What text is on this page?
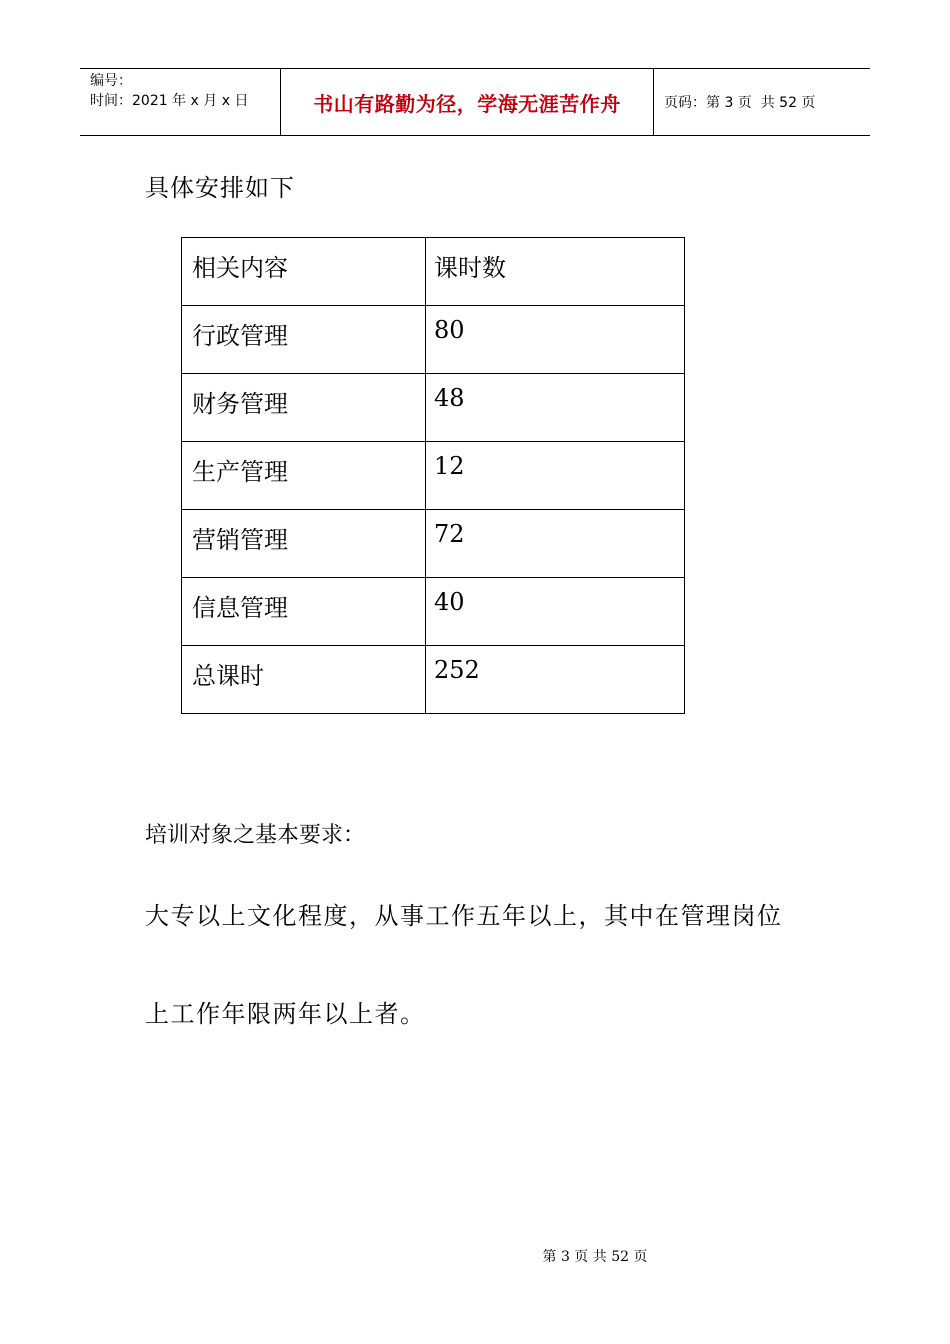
编号：
时间：2021 年 x 月 x 日	书山有路勤为径，学海无涯苦作舟	页码：第 3 页  共 52 页
具体安排如下
相关内容	课时数
行政管理	80
财务管理	48
生产管理	12
营销管理	72
信息管理	40
总课时	252
培训对象之基本要求：
大专以上文化程度，从事工作五年以上，其中在管理岗位
上工作年限两年以上者。
第 3 页 共 52 页
